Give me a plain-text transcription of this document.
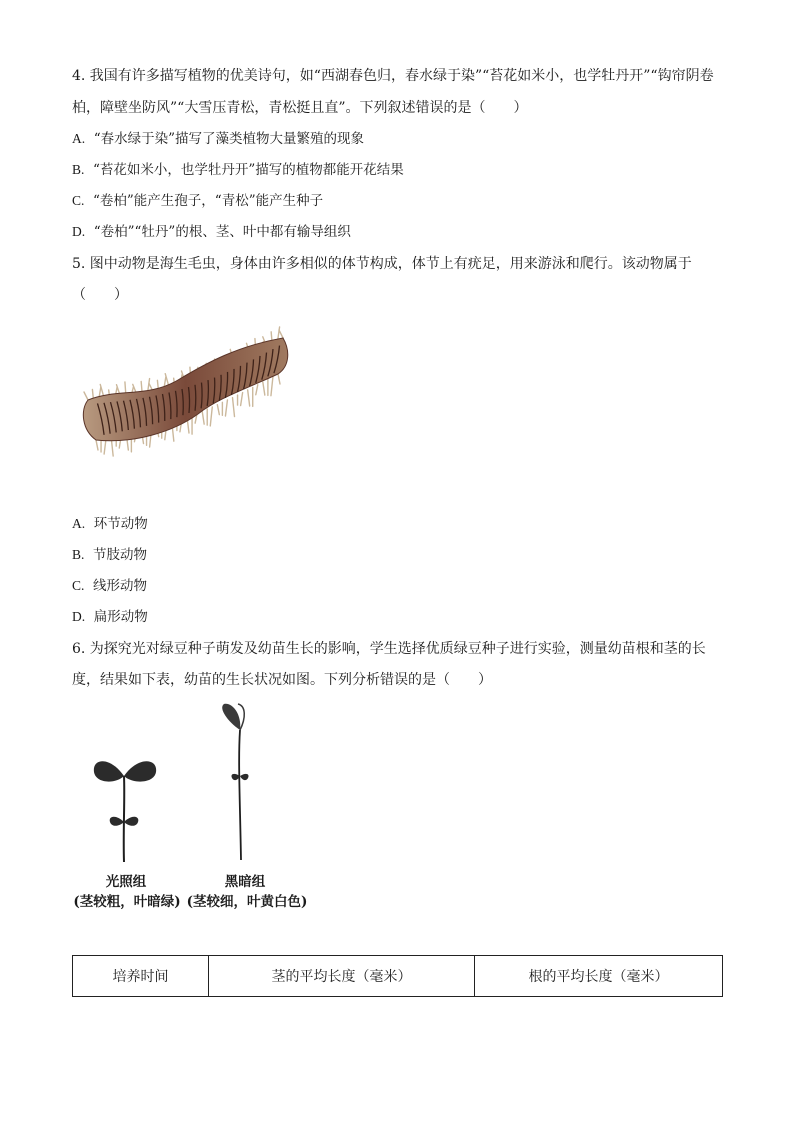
4. 我国有许多描写植物的优美诗句，如“西湖春色归，春水绿于染”“苔花如米小，也学牡丹开”“钩帘阴卷
柏，障壁坐防风”“大雪压青松，青松挺且直”。下列叙述错误的是（　　）
A. “春水绿于染”描写了藻类植物大量繁殖的现象
B. “苔花如米小，也学牡丹开”描写的植物都能开花结果
C. “卷柏”能产生孢子，“青松”能产生种子
D. “卷柏”“牡丹”的根、茎、叶中都有输导组织
5. 图中动物是海生毛虫，身体由许多相似的体节构成，体节上有疣足，用来游泳和爬行。该动物属于
（　　）
A. 环节动物
B. 节肢动物
C. 线形动物
D. 扁形动物
6. 为探究光对绿豆种子萌发及幼苗生长的影响，学生选择优质绿豆种子进行实验，测量幼苗根和茎的长
度，结果如下表，幼苗的生长状况如图。下列分析错误的是（　　）
光照组
(茎较粗，叶暗绿)
黑暗组
(茎较细，叶黄白色)
培养时间	茎的平均长度（毫米）	根的平均长度（毫米）
